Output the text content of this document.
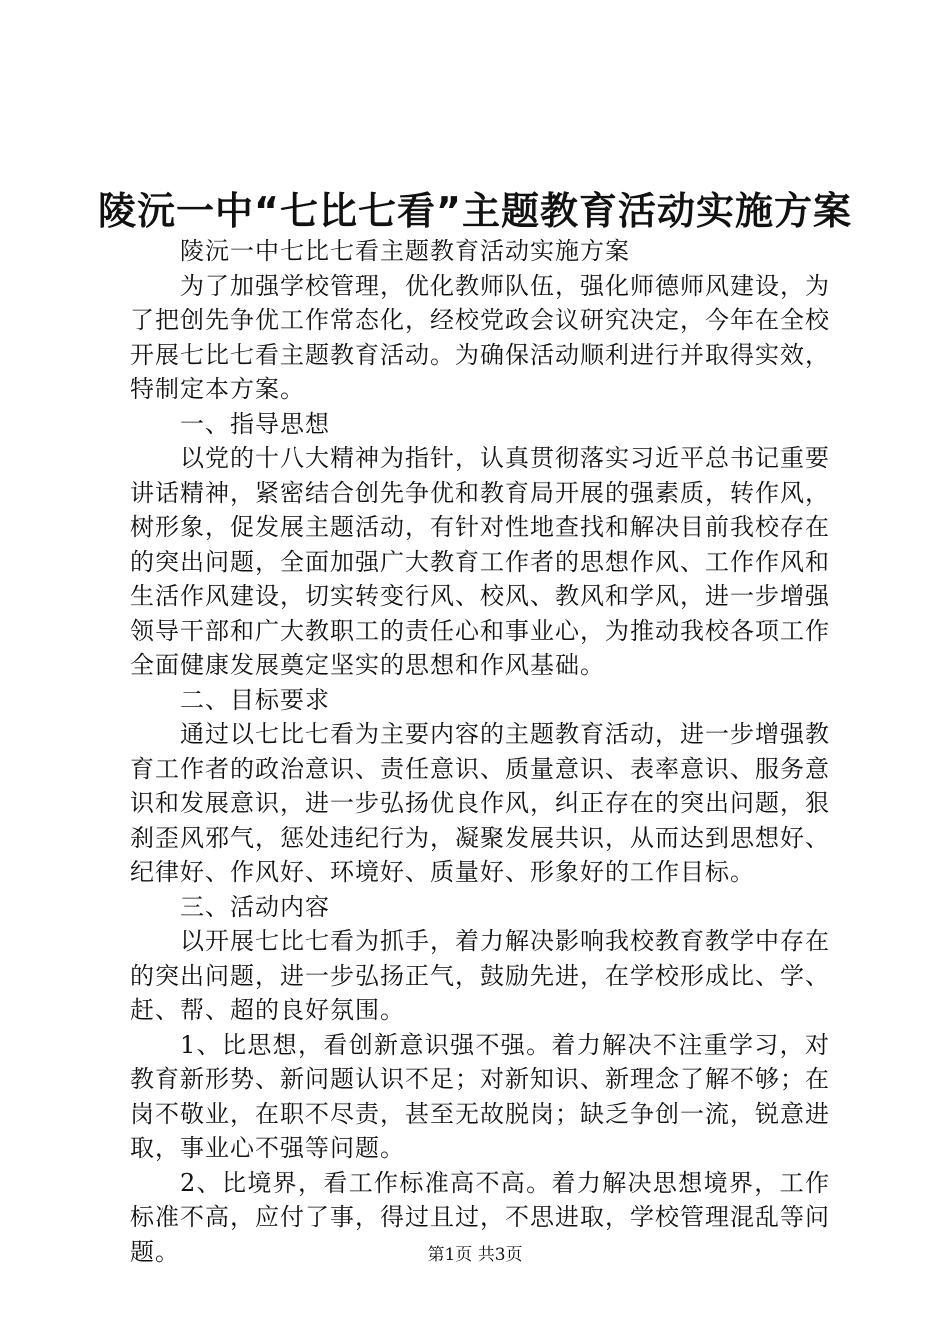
陵沅一中“七比七看”主题教育活动实施方案

陵沅一中七比七看主题教育活动实施方案

为了加强学校管理，优化教师队伍，强化师德师风建设，为了把创先争优工作常态化，经校党政会议研究决定，今年在全校开展七比七看主题教育活动。为确保活动顺利进行并取得实效，特制定本方案。

一、指导思想

以党的十八大精神为指针，认真贯彻落实习近平总书记重要讲话精神，紧密结合创先争优和教育局开展的强素质，转作风，树形象，促发展主题活动，有针对性地查找和解决目前我校存在的突出问题，全面加强广大教育工作者的思想作风、工作作风和生活作风建设，切实转变行风、校风、教风和学风，进一步增强领导干部和广大教职工的责任心和事业心，为推动我校各项工作全面健康发展奠定坚实的思想和作风基础。

二、目标要求

通过以七比七看为主要内容的主题教育活动，进一步增强教育工作者的政治意识、责任意识、质量意识、表率意识、服务意识和发展意识，进一步弘扬优良作风，纠正存在的突出问题，狠刹歪风邪气，惩处违纪行为，凝聚发展共识，从而达到思想好、纪律好、作风好、环境好、质量好、形象好的工作目标。

三、活动内容

以开展七比七看为抓手，着力解决影响我校教育教学中存在的突出问题，进一步弘扬正气，鼓励先进，在学校形成比、学、赶、帮、超的良好氛围。

1、比思想，看创新意识强不强。着力解决不注重学习，对教育新形势、新问题认识不足；对新知识、新理念了解不够；在岗不敬业，在职不尽责，甚至无故脱岗；缺乏争创一流，锐意进取，事业心不强等问题。

2、比境界，看工作标准高不高。着力解决思想境界，工作标准不高，应付了事，得过且过，不思进取，学校管理混乱等问题。	第1页 共3页
